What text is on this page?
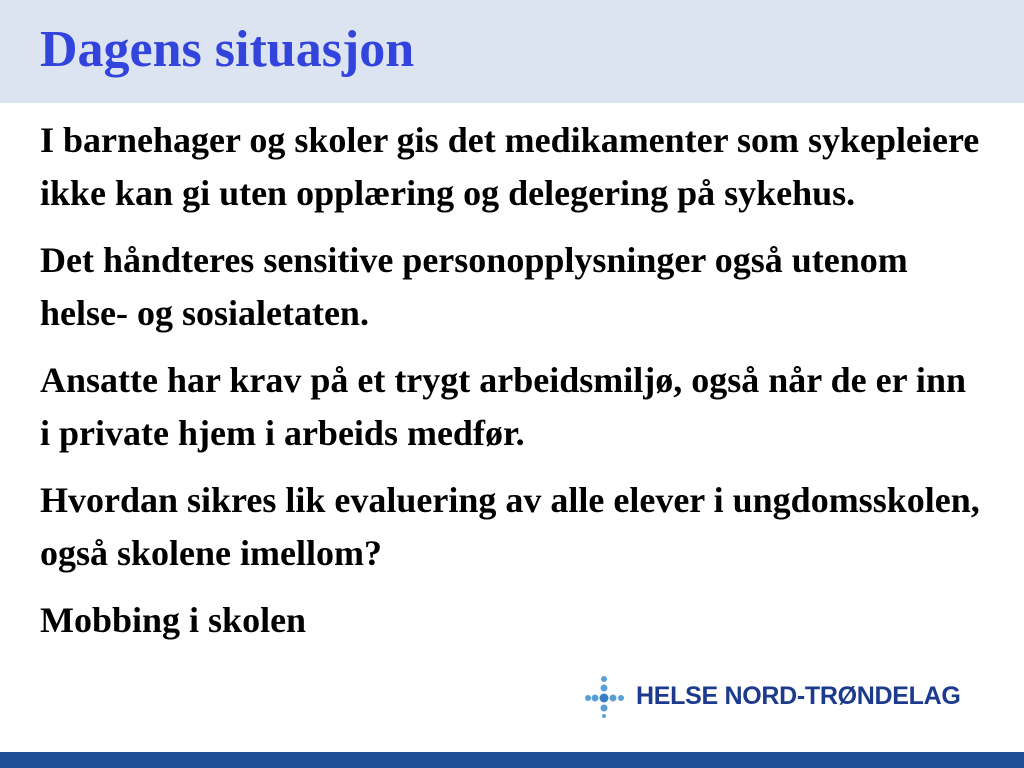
Dagens situasjon

I barnehager og skoler gis det medikamenter som sykepleiere ikke kan gi uten opplæring og delegering på sykehus.

Det håndteres sensitive personopplysninger også utenom helse- og sosialetaten.

Ansatte har krav på et trygt arbeidsmiljø, også når de er inn i private hjem i arbeids medfør.

Hvordan sikres lik evaluering av alle elever i ungdomsskolen, også skolene imellom?

Mobbing i skolen

HELSE NORD-TRØNDELAG
